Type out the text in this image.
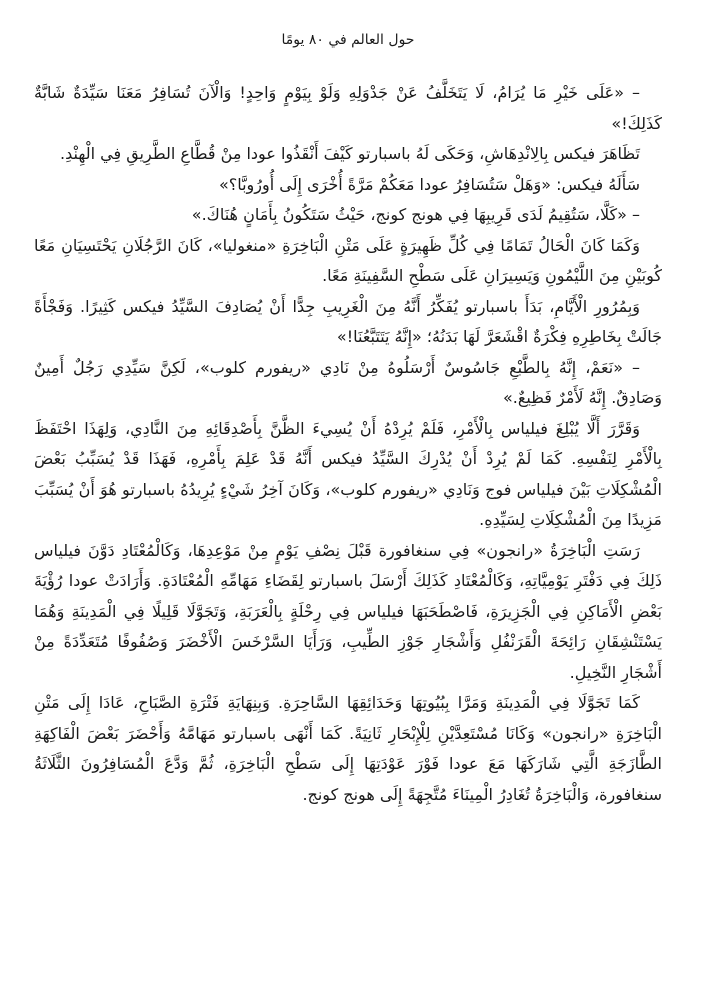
حول العالم في ٨٠ يومًا

– «عَلَى خَيْرِ مَا يُرَامُ، لَا يَتَخَلَّفُ عَنْ جَدْوَلِهِ وَلَوْ بِيَوْمٍ وَاحِدٍ! وَالْآنَ تُسَافِرُ مَعَنَا سَيِّدَةٌ شَابَّةٌ كَذَلِكَ!»

تَظَاهَرَ فيكس بِالِانْدِهَاشِ، وَحَكَى لَهُ باسبارتو كَيْفَ أَنْقَذُوا عودا مِنْ قُطَّاعِ الطَّرِيقِ فِي الْهِنْدِ.

سَأَلَهُ فيكس: «وَهَلْ سَتُسَافِرُ عودا مَعَكُمْ مَرَّةً أُخْرَى إِلَى أُورُوبَّا؟»

– «كَلَّا، سَتُقِيمُ لَدَى قَرِيبِهَا فِي هونج كونج، حَيْثُ سَتَكُونُ بِأَمَانٍ هُنَاكَ.»

وَكَمَا كَانَ الْحَالُ تَمَامًا فِي كُلِّ ظَهِيرَةٍ عَلَى مَتْنِ الْبَاخِرَةِ «منغوليا»، كَانَ الرَّجُلَانِ يَحْتَسِيَانِ مَعًا كُوبَيْنِ مِنَ اللَّيْمُونِ وَيَسِيرَانِ عَلَى سَطْحِ السَّفِينَةِ مَعًا.

وَبِمُرُورِ الْأَيَّامِ، بَدَأَ باسبارتو يُفَكِّرُ أَنَّهُ مِنَ الْغَرِيبِ جِدًّا أَنْ يُصَادِفَ السَّيِّدُ فيكس كَثِيرًا. وَفَجْأَةً جَالَتْ بِخَاطِرِهِ فِكْرَةٌ اقْشَعَرَّ لَهَا بَدَنُهُ؛ «إِنَّهُ يَتَتَبَّعُنَا!»

– «نَعَمْ، إِنَّهُ بِالطَّبْعِ جَاسُوسٌ أَرْسَلُوهُ مِنْ نَادِي «ريفورم كلوب»، لَكِنَّ سَيِّدِي رَجُلٌ أَمِينٌ وَصَادِقٌ. إِنَّهُ لَأَمْرٌ فَظِيعٌ.»

وَقَرَّرَ أَلَّا يُبْلِغَ فيلياس بِالْأَمْرِ، فَلَمْ يُرِدْهُ أَنْ يُسِيءَ الظَّنَّ بِأَصْدِقَائِهِ مِنَ النَّادِي، وَلِهَذَا احْتَفَظَ بِالْأَمْرِ لِنَفْسِهِ. كَمَا لَمْ يُرِدْ أَنْ يُدْرِكَ السَّيِّدُ فيكس أَنَّهُ قَدْ عَلِمَ بِأَمْرِهِ، فَهَذَا قَدْ يُسَبِّبُ بَعْضَ الْمُشْكِلَاتِ بَيْنَ فيلياس فوج وَنَادِي «ريفورم كلوب»، وَكَانَ آخِرُ شَيْءٍ يُرِيدُهُ باسبارتو هُوَ أَنْ يُسَبِّبَ مَزِيدًا مِنَ الْمُشْكِلَاتِ لِسَيِّدِهِ.

رَسَتِ الْبَاخِرَةُ «رانجون» فِي سنغافورة قَبْلَ نِصْفِ يَوْمٍ مِنْ مَوْعِدِهَا، وَكَالْمُعْتَادِ دَوَّنَ فيلياس ذَلِكَ فِي دَفْتَرِ يَوْمِيَّاتِهِ، وَكَالْمُعْتَادِ كَذَلِكَ أَرْسَلَ باسبارتو لِقَضَاءِ مَهَامِّهِ الْمُعْتَادَةِ. وَأَرَادَتْ عودا رُؤْيَةَ بَعْضِ الْأَمَاكِنِ فِي الْجَزِيرَةِ، فَاصْطَحَبَهَا فيلياس فِي رِحْلَةٍ بِالْعَرَبَةِ، وَتَجَوَّلَا قَلِيلًا فِي الْمَدِينَةِ وَهُمَا يَسْتَنْشِقَانِ رَائِحَةَ الْقَرَنْفُلِ وَأَشْجَارِ جَوْزِ الطِّيبِ، وَرَأَيَا السَّرْخَسَ الْأَخْضَرَ وَصُفُوفًا مُتَعَدِّدَةً مِنْ أَشْجَارِ النَّخِيلِ.

كَمَا تَجَوَّلَا فِي الْمَدِينَةِ وَمَرَّا بِبُيُوتِهَا وَحَدَائِقِهَا السَّاحِرَةِ. وَبِنِهَايَةِ فَتْرَةِ الصَّبَاحِ، عَادَا إِلَى مَتْنِ الْبَاخِرَةِ «رانجون» وَكَانَا مُسْتَعِدَّيْنِ لِلْإِبْحَارِ ثَانِيَةً. كَمَا أَنْهَى باسبارتو مَهَامَّهُ وَأَحْضَرَ بَعْضَ الْفَاكِهَةِ الطَّازَجَةِ الَّتِي شَارَكَهَا مَعَ عودا فَوْرَ عَوْدَتِهَا إِلَى سَطْحِ الْبَاخِرَةِ، ثُمَّ وَدَّعَ الْمُسَافِرُونَ الثَّلَاثَةُ سنغافورة، وَالْبَاخِرَةُ تُغَادِرُ الْمِينَاءَ مُتَّجِهَةً إِلَى هونج كونج.
